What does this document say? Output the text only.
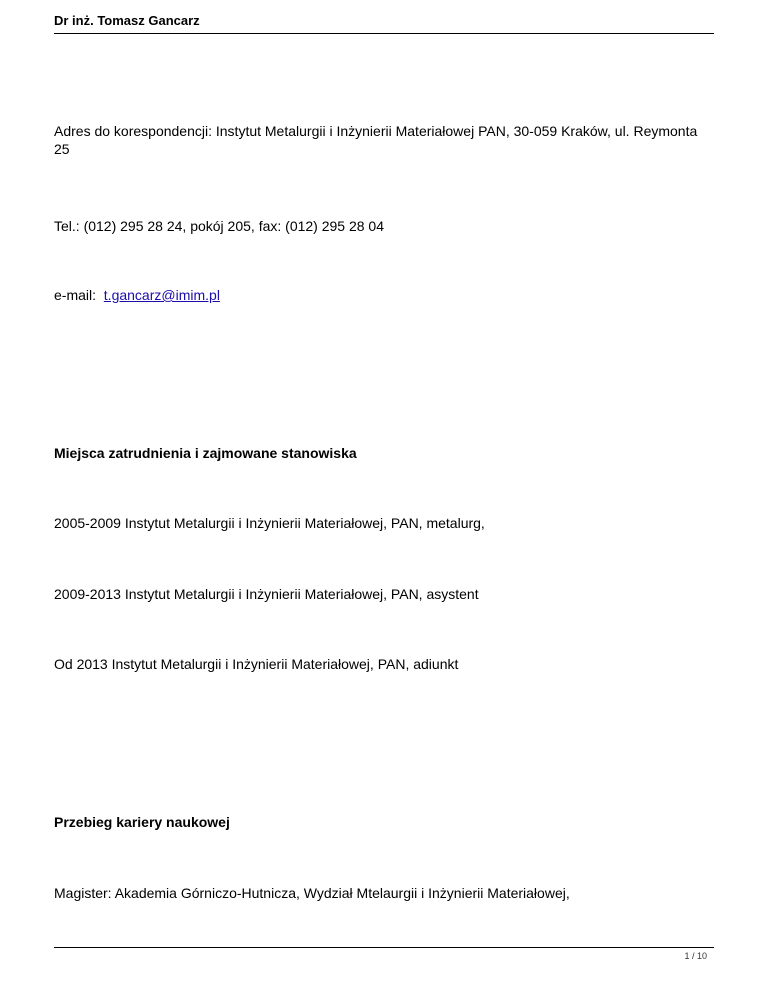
Dr inż. Tomasz Gancarz
Adres do korespondencji: Instytut Metalurgii i Inżynierii Materiałowej PAN, 30-059 Kraków, ul. Reymonta 25
Tel.: (012) 295 28 24, pokój 205, fax: (012) 295 28 04
e-mail: t.gancarz@imim.pl
Miejsca zatrudnienia i zajmowane stanowiska
2005-2009 Instytut Metalurgii i Inżynierii Materiałowej, PAN, metalurg,
2009-2013 Instytut Metalurgii i Inżynierii Materiałowej, PAN, asystent
Od 2013 Instytut Metalurgii i Inżynierii Materiałowej, PAN, adiunkt
Przebieg kariery naukowej
Magister: Akademia Górniczo-Hutnicza, Wydział Mtelaurgii i Inżynierii Materiałowej,
1 / 10
